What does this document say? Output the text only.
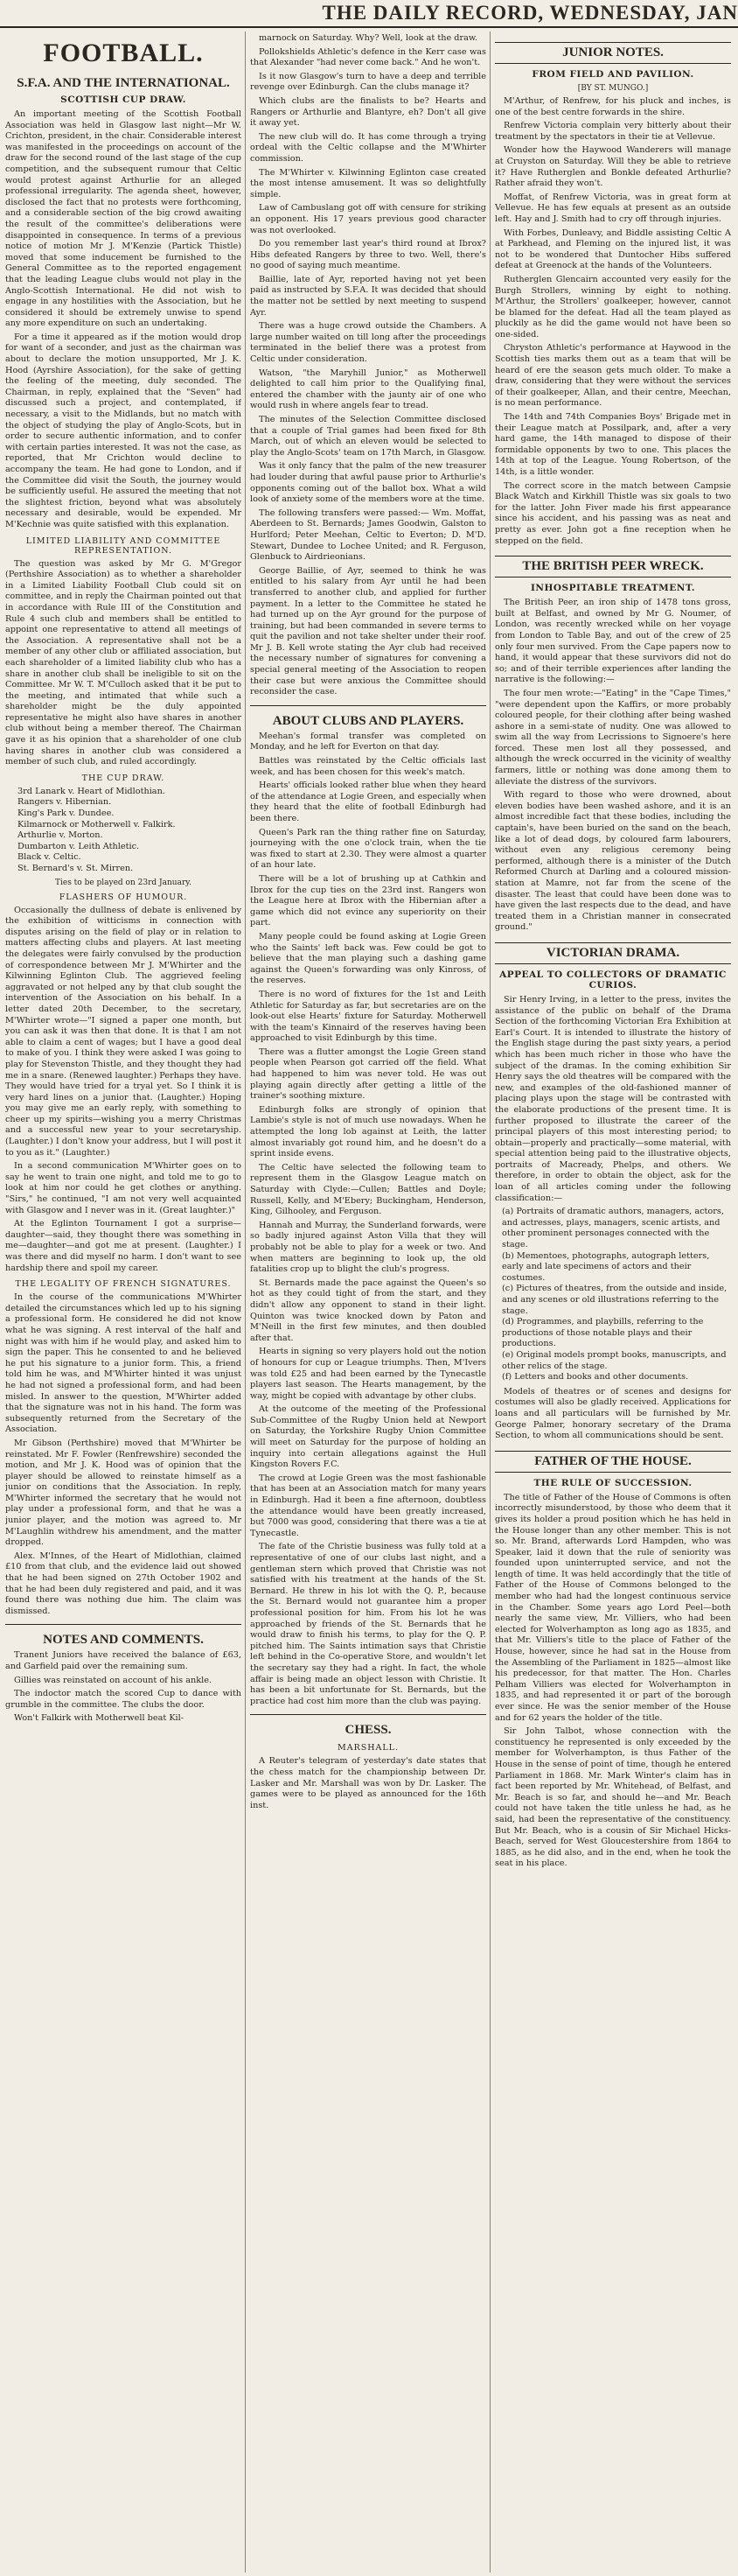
THE DAILY RECORD, WEDNESDAY, JAN
FOOTBALL.
S.F.A. AND THE INTERNATIONAL.
SCOTTISH CUP DRAW.

An important meeting of the Scottish Football Association was held in Glasgow last night—Mr W. Crichton, president, in the chair. Considerable interest was manifested in the proceedings on account of the draw for the second round of the last stage of the cup competition, and the subsequent rumour that Celtic would protest against Arthurlie for an alleged professional irregularity. The agenda sheet, however, disclosed the fact that no protests were forthcoming, and a considerable section of the big crowd awaiting the result of the committee's deliberations were disappointed in consequence. In terms of a previous notice of motion Mr J. M'Kenzie (Partick Thistle) moved that some inducement be furnished to the General Committee as to the reported engagement that the leading League clubs would not play in the Anglo-Scottish International. He did not wish to engage in any hostilities with the Association, but he considered it should be extremely unwise to spend any more expenditure on such an undertaking.

For a time it appeared as if the motion would drop for want of a seconder, and just as the chairman was about to declare the motion unsupported, Mr J. K. Hood (Ayrshire Association), for the sake of getting the feeling of the meeting, duly seconded. The Chairman, in reply, explained that the "Seven" had discussed such a project, and contemplated, if necessary, a visit to the Midlands, but no match with the object of studying the play of Anglo-Scots, but in order to secure authentic information, and to confer with certain parties interested. It was not the case, as reported, that Mr Crichton would decline to accompany the team. He had gone to London, and if the Committee did visit the South, the journey would be sufficiently useful. He assured the meeting that not the slightest friction, beyond what was absolutely necessary and desirable, would be expended. Mr M'Kechnie was quite satisfied with this explanation.

LIMITED LIABILITY AND COMMITTEE REPRESENTATION.

The question was asked by Mr G. M'Gregor (Perthshire Association) as to whether a shareholder in a Limited Liability Football Club could sit on committee, and in reply the Chairman pointed out that in accordance with Rule III of the Constitution and Rule 4 such club and members shall be entitled to appoint one representative to attend all meetings of the Association. A representative shall not be a member of any other club or affiliated association, but each shareholder of a limited liability club who has a share in another club shall be ineligible to sit on the Committee. Mr W. T. M'Culloch asked that it be put to the meeting, and intimated that while such a shareholder might be the duly appointed representative he might also have shares in another club without being a member thereof. The Chairman gave it as his opinion that a shareholder of one club having shares in another club was considered a member of such club, and ruled accordingly.

THE CUP DRAW.
3rd Lanark v. Heart of Midlothian.
Rangers v. Hibernian.
King's Park v. Dundee.
Kilmarnock or Motherwell v. Falkirk.
Arthurlie v. Morton.
Dumbarton v. Leith Athletic.
Black v. Celtic.
St. Bernard's v. St. Mirren.
Ties to be played on 23rd January.
FLASHERS OF HUMOUR.

Occasionally the dullness of debate is enlivened by the exhibition of witticisms in connection with disputes arising on the field of play or in relation to matters affecting clubs and players. At last meeting the delegates were fairly convulsed by the production of correspondence between Mr J. M'Whirter and the Kilwinning Eglinton Club. The aggrieved feeling aggravated or not helped any by that club sought the intervention of the Association on his behalf. In a letter dated 20th December, to the secretary, M'Whirter wrote—"I signed a paper one month, but you can ask it was then that done. It is that I am not able to claim a cent of wages; but I have a good deal to make of you. I think they were asked I was going to play for Stevenston Thistle, and they thought they had me in a snare. (Renewed laughter.) Perhaps they have. They would have tried for a tryal yet. So I think it is very hard lines on a junior that. (Laughter.) Hoping you may give me an early reply, with something to cheer up my spirits—wishing you a merry Christmas and a successful new year to your secretaryship. (Laughter.) I don't know your address, but I will post it to you as it." (Laughter.)

In a second communication M'Whirter goes on to say he went to train one night, and told me to go to look at him nor could he get clothes or anything. "Sirs," he continued, "I am not very well acquainted with Glasgow and I never was in it. (Great laughter.)"

At the Eglinton Tournament I got a surprise—daughter—said, they thought there was something in me—daughter—and got me at present. (Laughter.) I was there and did myself no harm. I don't want to see hardship there and spoil my career.

THE LEGALITY OF FRENCH SIGNATURES.

In the course of the communications M'Whirter detailed the circumstances which led up to his signing a professional form. He considered he did not know what he was signing. A rest interval of the half and night was with him if he would play, and asked him to sign the paper. This he consented to and he believed he put his signature to a junior form. This, a friend told him he was, and M'Whirter hinted it was unjust he had not signed a professional form, and had been misled. In answer to the question, M'Whirter added that the signature was not in his hand. The form was subsequently returned from the Secretary of the Association.

Mr Gibson (Perthshire) moved that M'Whirter be reinstated. Mr F. Fowler (Renfrewshire) seconded the motion, and Mr J. K. Hood was of opinion that the player should be allowed to reinstate himself as a junior on conditions that the Association. In reply, M'Whirter informed the secretary that he would not play under a professional form, and that he was a junior player, and the motion was agreed to. Mr M'Laughlin withdrew his amendment, and the matter dropped.

Alex. M'Innes, of the Heart of Midlothian, claimed £10 from that club, and the evidence laid out showed that he had been signed on 27th October 1902 and that he had been duly registered and paid, and it was found there was nothing due him. The claim was dismissed.

NOTES AND COMMENTS.

Tranent Juniors have received the balance of £63, and Garfield paid over the remaining sum.

Gillies was reinstated on account of his ankle.

The indoctor match the scored Cup to dance with grumble in the committee. The clubs the door.

Won't Falkirk with Motherwell beat Kil-

marnock on Saturday. Why? Well, look at the draw.

Pollokshields Athletic's defence in the Kerr case was that Alexander "had never come back." And he won't.

Is it now Glasgow's turn to have a deep and terrible revenge over Edinburgh. Can the clubs manage it?

Which clubs are the finalists to be? Hearts and Rangers or Arthurlie and Blantyre, eh? Don't all give it away yet.

The new club will do. It has come through a trying ordeal with the Celtic collapse and the M'Whirter commission.

The M'Whirter v. Kilwinning Eglinton case created the most intense amusement. It was so delightfully simple.

Law of Cambuslang got off with censure for striking an opponent. His 17 years previous good character was not overlooked.

Do you remember last year's third round at Ibrox? Hibs defeated Rangers by three to two. Well, there's no good of saying much meantime.

Baillie, late of Ayr, reported having not yet been paid as instructed by S.F.A. It was decided that should the matter not be settled by next meeting to suspend Ayr.

There was a huge crowd outside the Chambers. A large number waited on till long after the proceedings terminated in the belief there was a protest from Celtic under consideration.

Watson, "the Maryhill Junior," as Motherwell delighted to call him prior to the Qualifying final, entered the chamber with the jaunty air of one who would rush in where angels fear to tread.

The minutes of the Selection Committee disclosed that a couple of Trial games had been fixed for 8th March, out of which an eleven would be selected to play the Anglo-Scots' team on 17th March, in Glasgow.

Was it only fancy that the palm of the new treasurer had louder during that awful pause prior to Arthurlie's opponents coming out of the ballot box. What a wild look of anxiety some of the members wore at the time.

The following transfers were passed:— Wm. Moffat, Aberdeen to St. Bernards; James Goodwin, Galston to Hurlford; Peter Meehan, Celtic to Everton; D. M'D. Stewart, Dundee to Lochee United; and R. Ferguson, Glenbuck to Airdrieonians.

George Baillie, of Ayr, seemed to think he was entitled to his salary from Ayr until he had been transferred to another club, and applied for further payment. In a letter to the Committee he stated he had turned up on the Ayr ground for the purpose of training, but had been commanded in severe terms to quit the pavilion and not take shelter under their roof. Mr J. B. Kell wrote stating the Ayr club had received the necessary number of signatures for convening a special general meeting of the Association to reopen their case but were anxious the Committee should reconsider the case.

ABOUT CLUBS AND PLAYERS.

Meehan's formal transfer was completed on Monday, and he left for Everton on that day.

Battles was reinstated by the Celtic officials last week, and has been chosen for this week's match.

Hearts' officials looked rather blue when they heard of the attendance at Logie Green, and especially when they heard that the elite of football Edinburgh had been there.

Queen's Park ran the thing rather fine on Saturday, journeying with the one o'clock train, when the tie was fixed to start at 2.30. They were almost a quarter of an hour late.

There will be a lot of brushing up at Cathkin and Ibrox for the cup ties on the 23rd inst. Rangers won the League here at Ibrox with the Hibernian after a game which did not evince any superiority on their part.

Many people could be found asking at Logie Green who the Saints' left back was. Few could be got to believe that the man playing such a dashing game against the Queen's forwarding was only Kinross, of the reserves.

There is no word of fixtures for the 1st and Leith Athletic for Saturday as far, but secretaries are on the look-out else Hearts' fixture for Saturday. Motherwell with the team's Kinnaird of the reserves having been approached to visit Edinburgh by this time.

There was a flutter amongst the Logie Green stand people when Pearson got carried off the field. What had happened to him was never told. He was out playing again directly after getting a little of the trainer's soothing mixture.

Edinburgh folks are strongly of opinion that Lambie's style is not of much use nowadays. When he attempted the long lob against at Leith, the latter almost invariably got round him, and he doesn't do a sprint inside evens.

The Celtic have selected the following team to represent them in the Glasgow League match on Saturday with Clyde:—Cullen; Battles and Doyle; Russell, Kelly, and M'Ebery; Buckingham, Henderson, King, Gilhooley, and Ferguson.

Hannah and Murray, the Sunderland forwards, were so badly injured against Aston Villa that they will probably not be able to play for a week or two. And when matters are beginning to look up, the old fatalities crop up to blight the club's progress.

St. Bernards made the pace against the Queen's so hot as they could tight of from the start, and they didn't allow any opponent to stand in their light. Quinton was twice knocked down by Paton and M'Neill in the first few minutes, and then doubled after that.

Hearts in signing so very players hold out the notion of honours for cup or League triumphs. Then, M'Ivers was told £25 and had been earned by the Tynecastle players last season. The Hearts management, by the way, might be copied with advantage by other clubs.

At the outcome of the meeting of the Professional Sub-Committee of the Rugby Union held at Newport on Saturday, the Yorkshire Rugby Union Committee will meet on Saturday for the purpose of holding an inquiry into certain allegations against the Hull Kingston Rovers F.C.

The crowd at Logie Green was the most fashionable that has been at an Association match for many years in Edinburgh. Had it been a fine afternoon, doubtless the attendance would have been greatly increased, but 7000 was good, considering that there was a tie at Tynecastle.

The fate of the Christie business was fully told at a representative of one of our clubs last night, and a gentleman stern which proved that Christie was not satisfied with his treatment at the hands of the St. Bernard. He threw in his lot with the Q. P., because the St. Bernard would not guarantee him a proper professional position for him. From his lot he was approached by friends of the St. Bernards that he would draw to finish his terms, to play for the Q. P. pitched him. The Saints intimation says that Christie left behind in the Co-operative Store, and wouldn't let the secretary say they had a right. In fact, the whole affair is being made an object lesson with Christie. It has been a bit unfortunate for St. Bernards, but the practice had cost him more than the club was paying.

CHESS.
MARSHALL.

A Reuter's telegram of yesterday's date states that the chess match for the championship between Dr. Lasker and Mr. Marshall was won by Dr. Lasker. The games were to be played as announced for the 16th inst.

JUNIOR NOTES.
FROM FIELD AND PAVILION.
[BY ST. MUNGO.]

M'Arthur, of Renfrew, for his pluck and inches, is one of the best centre forwards in the shire.

Renfrew Victoria complain very bitterly about their treatment by the spectators in their tie at Vellevue.

Wonder how the Haywood Wanderers will manage at Cruyston on Saturday. Will they be able to retrieve it? Have Rutherglen and Bonkle defeated Arthurlie? Rather afraid they won't.

Moffat, of Renfrew Victoria, was in great form at Vellevue. He has few equals at present as an outside left. Hay and J. Smith had to cry off through injuries.

With Forbes, Dunleavy, and Biddle assisting Celtic A at Parkhead, and Fleming on the injured list, it was not to be wondered that Duntocher Hibs suffered defeat at Greenock at the hands of the Volunteers.

Rutherglen Glencairn accounted very easily for the Burgh Strollers, winning by eight to nothing. M'Arthur, the Strollers' goalkeeper, however, cannot be blamed for the defeat. Had all the team played as pluckily as he did the game would not have been so one-sided.

Chryston Athletic's performance at Haywood in the Scottish ties marks them out as a team that will be heard of ere the season gets much older. To make a draw, considering that they were without the services of their goalkeeper, Allan, and their centre, Meechan, is no mean performance.

The 14th and 74th Companies Boys' Brigade met in their League match at Possilpark, and, after a very hard game, the 14th managed to dispose of their formidable opponents by two to one. This places the 14th at top of the League. Young Robertson, of the 14th, is a little wonder.

The correct score in the match between Campsie Black Watch and Kirkhill Thistle was six goals to two for the latter. John Fiver made his first appearance since his accident, and his passing was as neat and pretty as ever. John got a fine reception when he stepped on the field.

THE BRITISH PEER WRECK.
INHOSPITABLE TREATMENT.

The British Peer, an iron ship of 1478 tons gross, built at Belfast, and owned by Mr G. Noumer, of London, was recently wrecked while on her voyage from London to Table Bay, and out of the crew of 25 only four men survived. From the Cape papers now to hand, it would appear that these survivors did not do so; and of their terrible experiences after landing the narrative is the following:—

The four men wrote:—"Eating" in the "Cape Times," "were dependent upon the Kaffirs, or more probably coloured people, for their clothing after being washed ashore in a semi-state of nudity. One was allowed to swim all the way from Lecrissions to Signoere's here forced. These men lost all they possessed, and although the wreck occurred in the vicinity of wealthy farmers, little or nothing was done among them to alleviate the distress of the survivors.

With regard to those who were drowned, about eleven bodies have been washed ashore, and it is an almost incredible fact that these bodies, including the captain's, have been buried on the sand on the beach, like a lot of dead dogs, by coloured farm labourers, without even any religious ceremony being performed, although there is a minister of the Dutch Reformed Church at Darling and a coloured mission-station at Mamre, not far from the scene of the disaster. The least that could have been done was to have given the last respects due to the dead, and have treated them in a Christian manner in consecrated ground."

VICTORIAN DRAMA.
APPEAL TO COLLECTORS OF DRAMATIC CURIOS.

Sir Henry Irving, in a letter to the press, invites the assistance of the public on behalf of the Drama Section of the forthcoming Victorian Era Exhibition at Earl's Court. It is intended to illustrate the history of the English stage during the past sixty years, a period which has been much richer in those who have the subject of the dramas. In the coming exhibition Sir Henry says the old theatres will be compared with the new, and examples of the old-fashioned manner of placing plays upon the stage will be contrasted with the elaborate productions of the present time. It is further proposed to illustrate the career of the principal players of this most interesting period; to obtain—properly and practically—some material, with special attention being paid to the illustrative objects, portraits of Macready, Phelps, and others. We therefore, in order to obtain the object, ask for the loan of all articles coming under the following classification:—

(a) Portraits of dramatic authors, managers, actors, and actresses, plays, managers, scenic artists, and other prominent personages connected with the stage.
(b) Mementoes, photographs, autograph letters, early and late specimens of actors and their costumes.
(c) Pictures of theatres, from the outside and inside, and any scenes or old illustrations referring to the stage.
(d) Programmes, and playbills, referring to the productions of those notable plays and their productions.
(e) Original models prompt books, manuscripts, and other relics of the stage.
(f) Letters and books and other documents.

Models of theatres or of scenes and designs for costumes will also be gladly received. Applications for loans and all particulars will be furnished by Mr. George Palmer, honorary secretary of the Drama Section, to whom all communications should be sent.

FATHER OF THE HOUSE.
THE RULE OF SUCCESSION.

The title of Father of the House of Commons is often incorrectly misunderstood, by those who deem that it gives its holder a proud position which he has held in the House longer than any other member. This is not so. Mr. Brand, afterwards Lord Hampden, who was Speaker, laid it down that the rule of seniority was founded upon uninterrupted service, and not the length of time. It was held accordingly that the title of Father of the House of Commons belonged to the member who had had the longest continuous service in the Chamber. Some years ago Lord Peel—both nearly the same view, Mr. Villiers, who had been elected for Wolverhampton as long ago as 1835, and that Mr. Villiers's title to the place of Father of the House, however, since he had sat in the House from the Assembling of the Parliament in 1825—almost like his predecessor, for that matter. The Hon. Charles Pelham Villiers was elected for Wolverhampton in 1835, and had represented it or part of the borough ever since. He was the senior member of the House and for 62 years the holder of the title.

Sir John Talbot, whose connection with the constituency he represented is only exceeded by the member for Wolverhampton, is thus Father of the House in the sense of point of time, though he entered Parliament in 1868. Mr. Mark Winter's claim has in fact been reported by Mr. Whitehead, of Belfast, and Mr. Beach is so far, and should he—and Mr. Beach could not have taken the title unless he had, as he said, had been the representative of the constituency. But Mr. Beach, who is a cousin of Sir Michael Hicks-Beach, served for West Gloucestershire from 1864 to 1885, as he did also, and in the end, when he took the seat in his place.
